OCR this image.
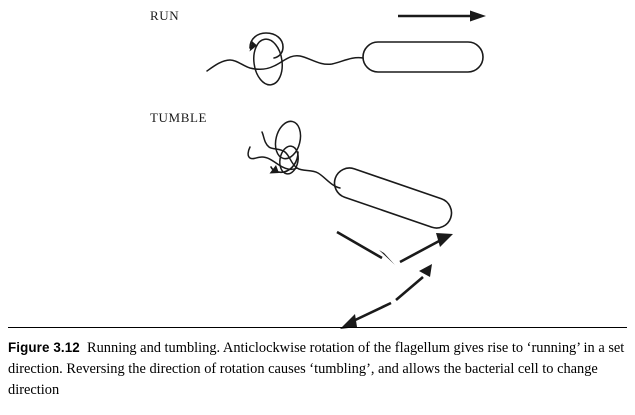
RUN
TUMBLE
Figure 3.12 Running and tumbling. Anticlockwise rotation of the flagellum gives rise to ‘running’ in a set direction. Reversing the direction of rotation causes ‘tumbling’, and allows the bacterial cell to change direction
